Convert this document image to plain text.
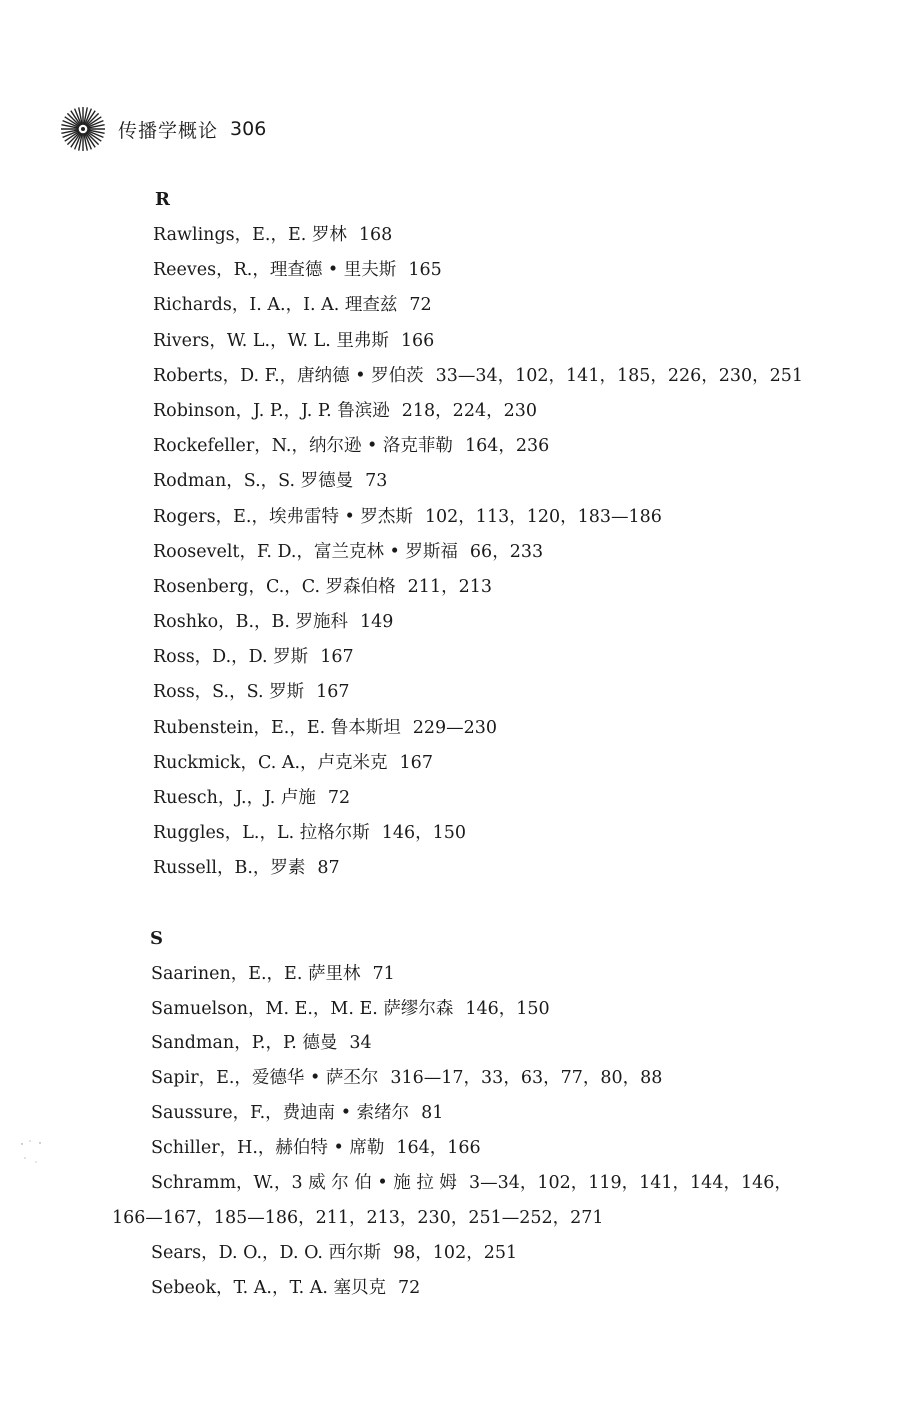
传播学概论 306
R
Rawlings，E.，E. 罗林 168
Reeves，R.，理查德 • 里夫斯 165
Richards，I. A.，I. A. 理查兹 72
Rivers，W. L.，W. L. 里弗斯 166
Roberts，D. F.，唐纳德 • 罗伯茨 33—34，102，141，185，226，230，251
Robinson，J. P.，J. P. 鲁滨逊 218，224，230
Rockefeller，N.，纳尔逊 • 洛克菲勒 164，236
Rodman，S.，S. 罗德曼 73
Rogers，E.，埃弗雷特 • 罗杰斯 102，113，120，183—186
Roosevelt，F. D.，富兰克林 • 罗斯福 66，233
Rosenberg，C.，C. 罗森伯格 211，213
Roshko，B.，B. 罗施科 149
Ross，D.，D. 罗斯 167
Ross，S.，S. 罗斯 167
Rubenstein，E.，E. 鲁本斯坦 229—230
Ruckmick，C. A.，卢克米克 167
Ruesch，J.，J. 卢施 72
Ruggles，L.，L. 拉格尔斯 146，150
Russell，B.，罗素 87
S
Saarinen，E.，E. 萨里林 71
Samuelson，M. E.，M. E. 萨缪尔森 146，150
Sandman，P.，P. 德曼 34
Sapir，E.，爱德华 • 萨丕尔 316—17，33，63，77，80，88
Saussure，F.，费迪南 • 索绪尔 81
Schiller，H.，赫伯特 • 席勒 164，166
Schramm，W.，3 威 尔 伯 • 施 拉 姆 3—34，102，119，141，144，146，
166—167，185—186，211，213，230，251—252，271
Sears，D. O.，D. O. 西尔斯 98，102，251
Sebeok，T. A.，T. A. 塞贝克 72
